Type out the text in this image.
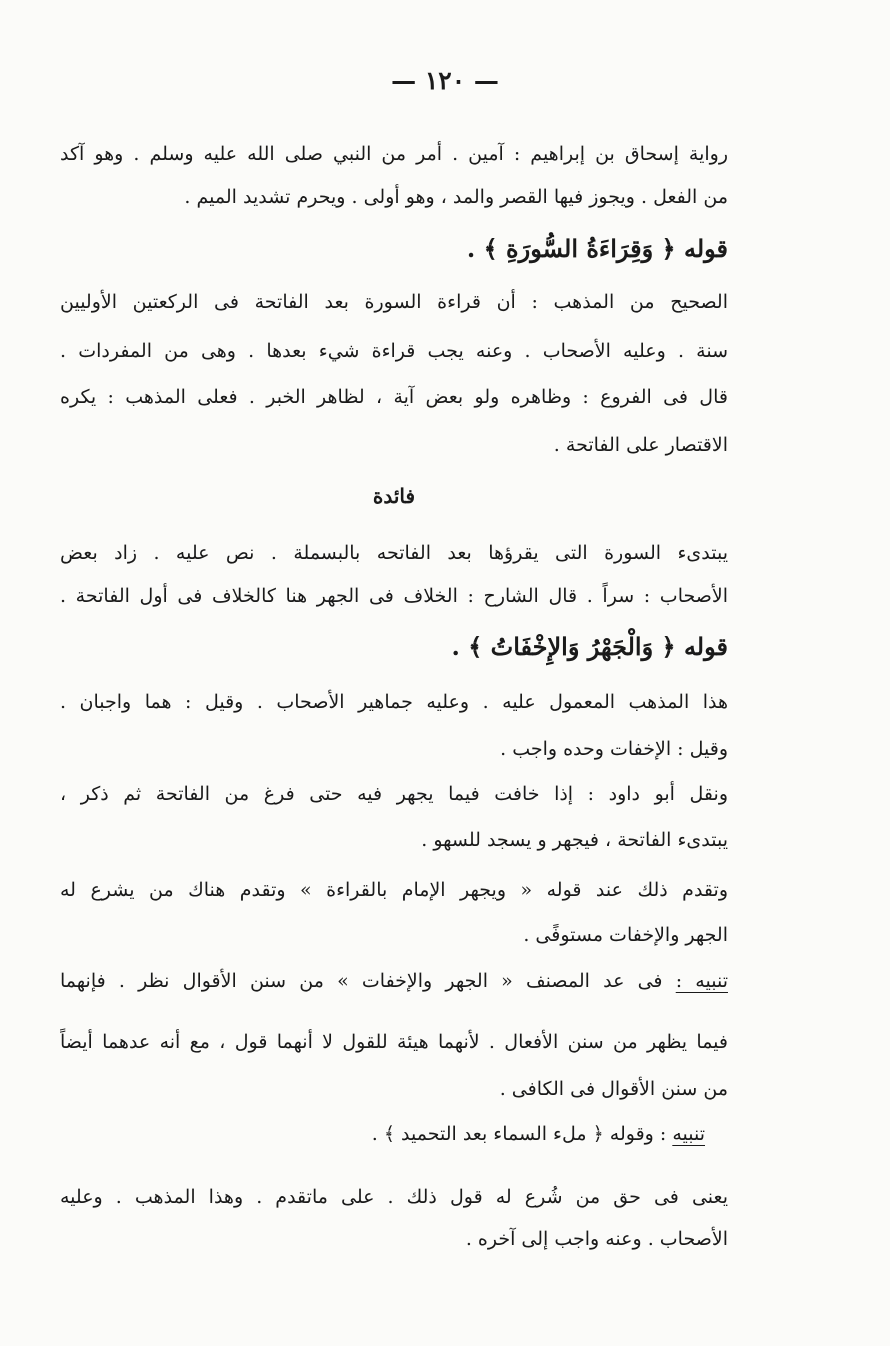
— ١٢٠ —
رواية إسحاق بن إبراهيم : آمين . أمر من النبي صلى الله عليه وسلم . وهو آكد
من الفعل . ويجوز فيها القصر والمد ، وهو أولى . ويحرم تشديد الميم .
قوله ﴿ وَقِرَاءَةُ السُّورَةِ ﴾ .
الصحيح من المذهب : أن قراءة السورة بعد الفاتحة فى الركعتين الأوليين
سنة . وعليه الأصحاب . وعنه يجب قراءة شيء بعدها . وهى من المفردات .
قال فى الفروع : وظاهره ولو بعض آية ، لظاهر الخبر . فعلى المذهب : يكره
الاقتصار على الفاتحة .
فائدة
يبتدىء السورة التى يقرؤها بعد الفاتحه بالبسملة . نص عليه . زاد بعض
الأصحاب : سراً . قال الشارح : الخلاف فى الجهر هنا كالخلاف فى أول الفاتحة .
قوله ﴿ وَالْجَهْرُ وَالإِخْفَاتُ ﴾ .
هذا المذهب المعمول عليه . وعليه جماهير الأصحاب . وقيل : هما واجبان .
وقيل : الإخفات وحده واجب .
ونقل أبو داود : إذا خافت فيما يجهر فيه حتى فرغ من الفاتحة ثم ذكر ،
يبتدىء الفاتحة ، فيجهر و يسجد للسهو .
وتقدم ذلك عند قوله « ويجهر الإمام بالقراءة » وتقدم هناك من يشرع له
الجهر والإخفات مستوفًى .
تنبيه : فى عد المصنف « الجهر والإخفات » من سنن الأقوال نظر . فإنهما
فيما يظهر من سنن الأفعال . لأنهما هيئة للقول لا أنهما قول ، مع أنه عدهما أيضاً
من سنن الأقوال فى الكافى .
تنبيه : وقوله ﴿ ملء السماء بعد التحميد ﴾ .
يعنى فى حق من شُرع له قول ذلك . على ماتقدم . وهذا المذهب . وعليه
الأصحاب . وعنه واجب إلى آخره .
